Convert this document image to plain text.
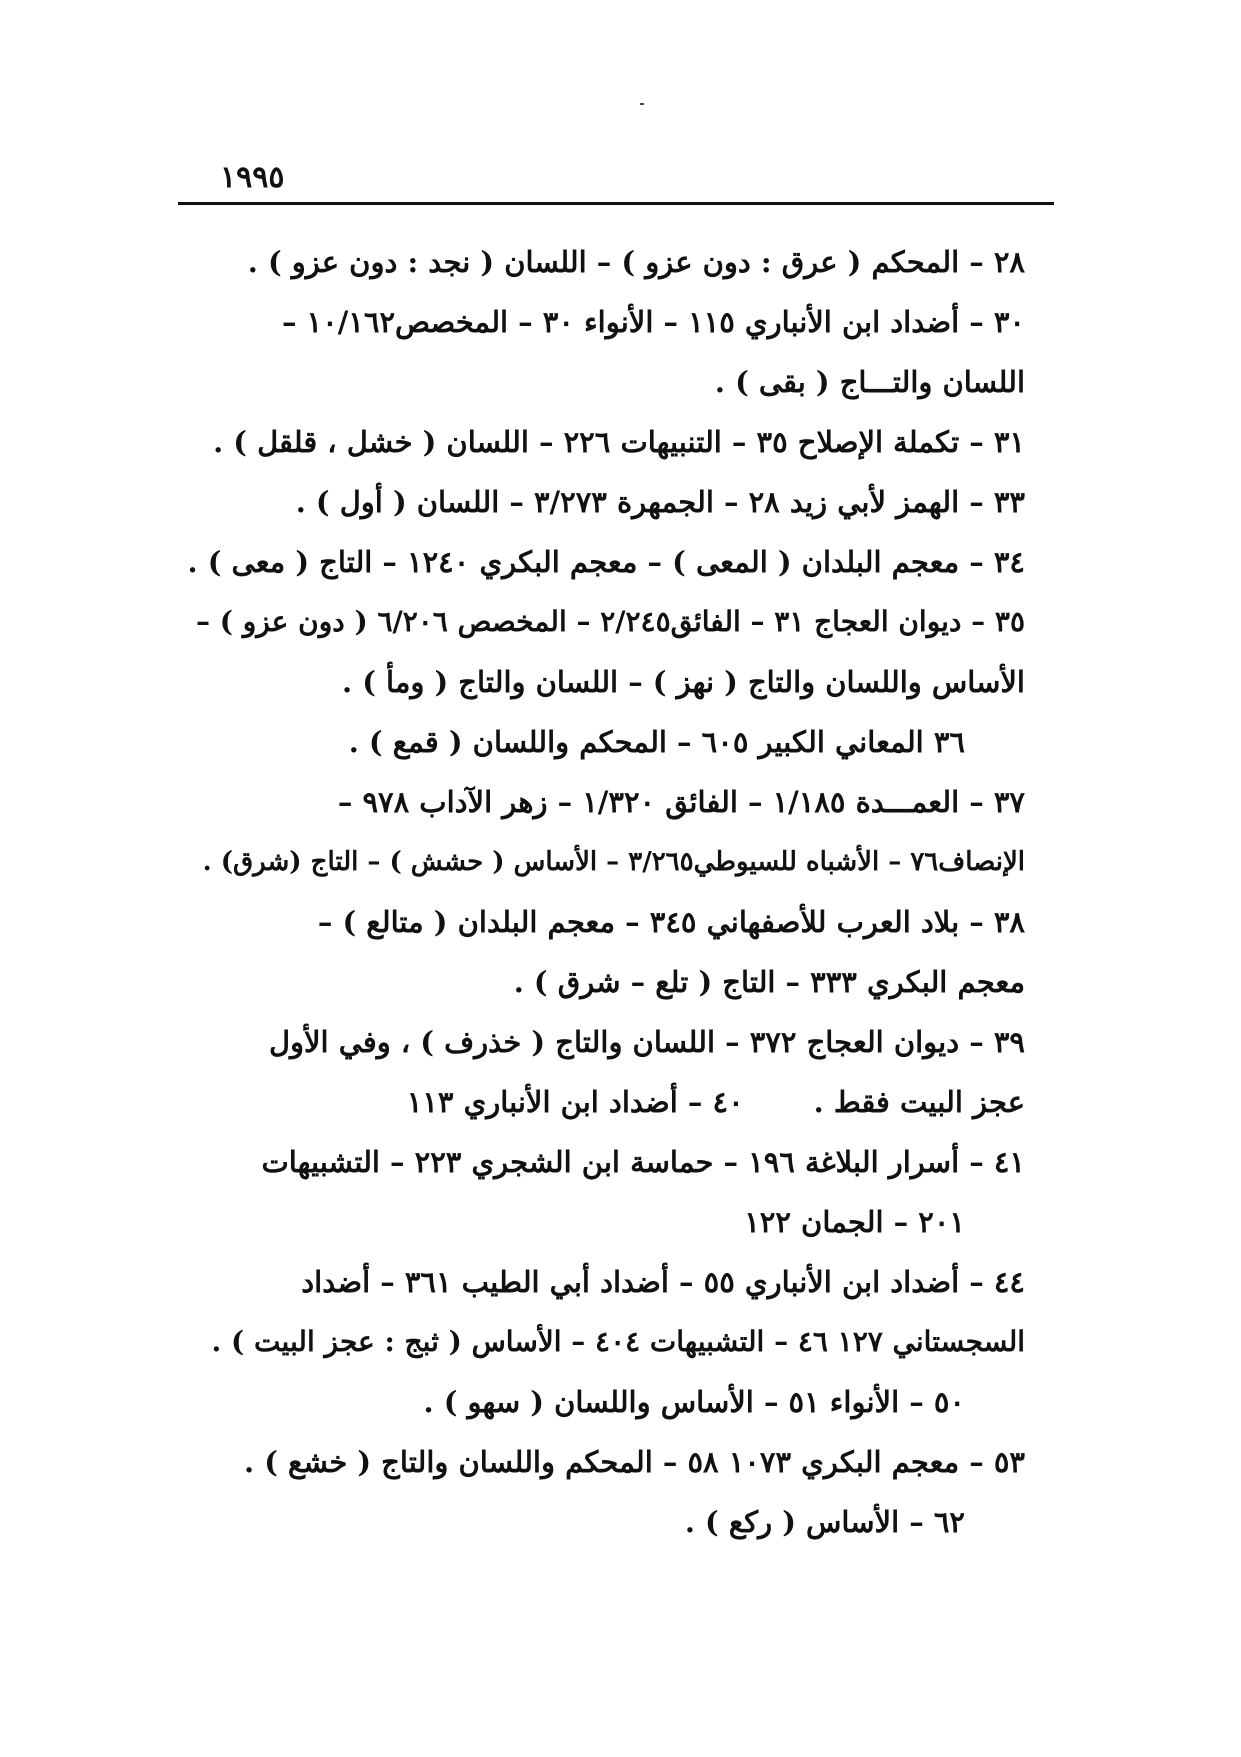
١٩٩٥
٢٨ – المحكم ( عرق : دون عزو ) – اللسان ( نجد : دون عزو ) .
٣٠ – أضداد ابن الأنباري ١١٥ – الأنواء ٣٠ – المخصص١٠/١٦٢ –
اللسان والتـــاج ( بقى ) .
٣١ – تكملة الإصلاح ٣٥ – التنبيهات ٢٢٦ – اللسان ( خشل ، قلقل ) .
٣٣ – الهمز لأبي زيد ٢٨ – الجمهرة ٣/٢٧٣ – اللسان ( أول ) .
٣٤ – معجم البلدان ( المعى ) – معجم البكري ١٢٤٠ – التاج ( معى ) .
٣٥ – ديوان العجاج ٣١ – الفائق٢/٢٤٥ – المخصص ٦/٢٠٦ ( دون عزو ) –
الأساس واللسان والتاج ( نهز ) – اللسان والتاج ( ومأ ) .
٣٦ المعاني الكبير ٦٠٥ – المحكم واللسان ( قمع ) .
٣٧ – العمـــدة ١/١٨٥ – الفائق ١/٣٢٠ – زهر الآداب ٩٧٨ –
الإنصاف٧٦ – الأشباه للسيوطي٣/٢٦٥ – الأساس ( حشش ) – التاج (شرق) .
٣٨ – بلاد العرب للأصفهاني ٣٤٥ – معجم البلدان ( متالع ) –
معجم البكري ٣٣٣ – التاج ( تلع – شرق ) .
٣٩ – ديوان العجاج ٣٧٢ – اللسان والتاج ( خذرف ) ، وفي الأول
عجز البيت فقط .٤٠ – أضداد ابن الأنباري ١١٣
٤١ – أسرار البلاغة ١٩٦ – حماسة ابن الشجري ٢٢٣ – التشبيهات
٢٠١ – الجمان ١٢٢
٤٤ – أضداد ابن الأنباري ٥٥ – أضداد أبي الطيب ٣٦١ – أضداد
السجستاني ١٢٧ ٤٦ – التشبيهات ٤٠٤ – الأساس ( ثبج : عجز البيت ) .
٥٠ – الأنواء ٥١ – الأساس واللسان ( سهو ) .
٥٣ – معجم البكري ١٠٧٣ ٥٨ – المحكم واللسان والتاج ( خشع ) .
٦٢ – الأساس ( ركع ) .
